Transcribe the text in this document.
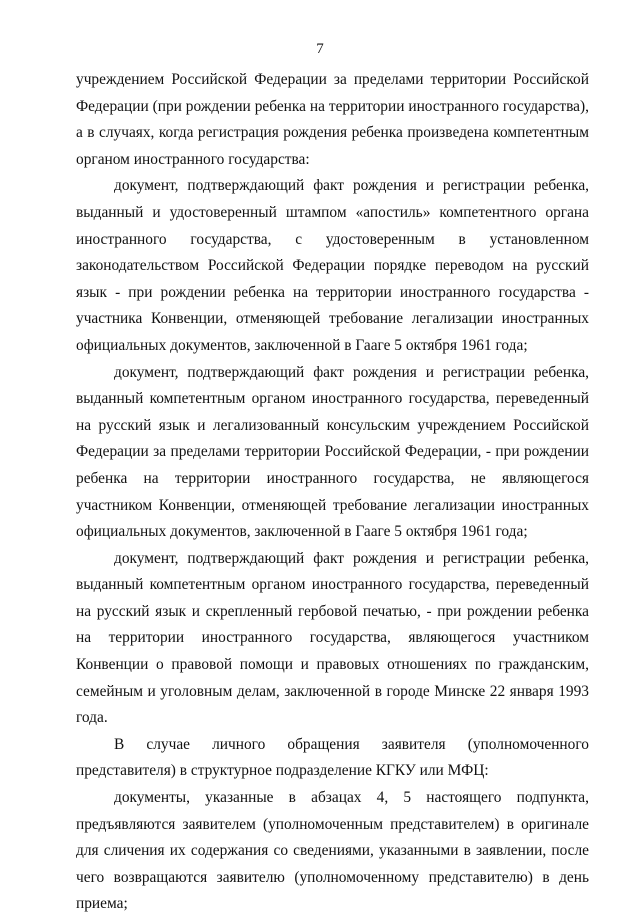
7

учреждением Российской Федерации за пределами территории Российской Федерации (при рождении ребенка на территории иностранного государства), а в случаях, когда регистрация рождения ребенка произведена компетентным органом иностранного государства:

документ, подтверждающий факт рождения и регистрации ребенка, выданный и удостоверенный штампом «апостиль» компетентного органа иностранного государства, с удостоверенным в установленном законодательством Российской Федерации порядке переводом на русский язык - при рождении ребенка на территории иностранного государства - участника Конвенции, отменяющей требование легализации иностранных официальных документов, заключенной в Гааге 5 октября 1961 года;

документ, подтверждающий факт рождения и регистрации ребенка, выданный компетентным органом иностранного государства, переведенный на русский язык и легализованный консульским учреждением Российской Федерации за пределами территории Российской Федерации, - при рождении ребенка на территории иностранного государства, не являющегося участником Конвенции, отменяющей требование легализации иностранных официальных документов, заключенной в Гааге 5 октября 1961 года;

документ, подтверждающий факт рождения и регистрации ребенка, выданный компетентным органом иностранного государства, переведенный на русский язык и скрепленный гербовой печатью, - при рождении ребенка на территории иностранного государства, являющегося участником Конвенции о правовой помощи и правовых отношениях по гражданским, семейным и уголовным делам, заключенной в городе Минске 22 января 1993 года.

В случае личного обращения заявителя (уполномоченного представителя) в структурное подразделение КГКУ или МФЦ:

документы, указанные в абзацах 4, 5 настоящего подпункта, предъявляются заявителем (уполномоченным представителем) в оригинале для сличения их содержания со сведениями, указанными в заявлении, после чего возвращаются заявителю (уполномоченному представителю) в день приема;
